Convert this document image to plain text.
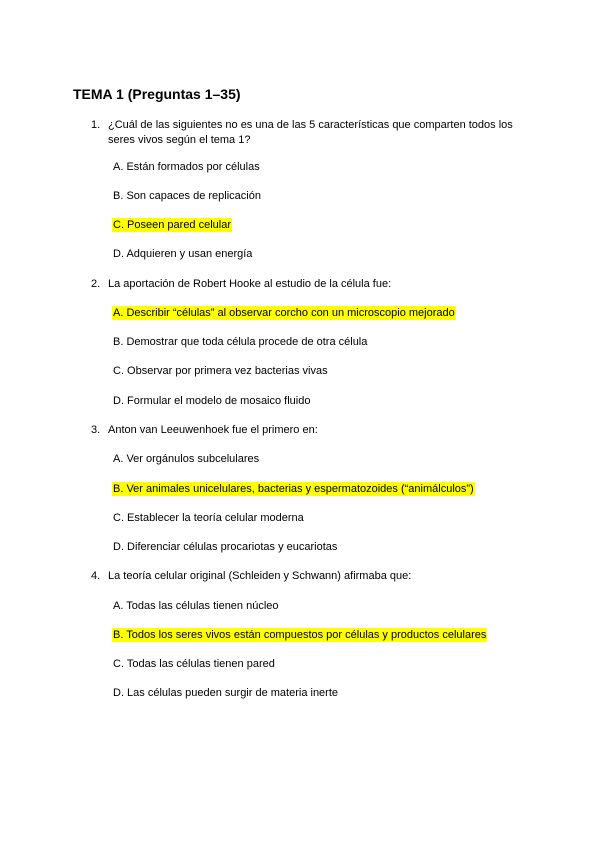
TEMA 1 (Preguntas 1–35)
1. ¿Cuál de las siguientes no es una de las 5 características que comparten todos los seres vivos según el tema 1?
A. Están formados por células
B. Son capaces de replicación
C. Poseen pared celular
D. Adquieren y usan energía
2. La aportación de Robert Hooke al estudio de la célula fue:
A. Describir “células” al observar corcho con un microscopio mejorado
B. Demostrar que toda célula procede de otra célula
C. Observar por primera vez bacterias vivas
D. Formular el modelo de mosaico fluido
3. Anton van Leeuwenhoek fue el primero en:
A. Ver orgánulos subcelulares
B. Ver animales unicelulares, bacterias y espermatozoides (“animálculos”)
C. Establecer la teoría celular moderna
D. Diferenciar células procariotas y eucariotas
4. La teoría celular original (Schleiden y Schwann) afirmaba que:
A. Todas las células tienen núcleo
B. Todos los seres vivos están compuestos por células y productos celulares
C. Todas las células tienen pared
D. Las células pueden surgir de materia inerte
